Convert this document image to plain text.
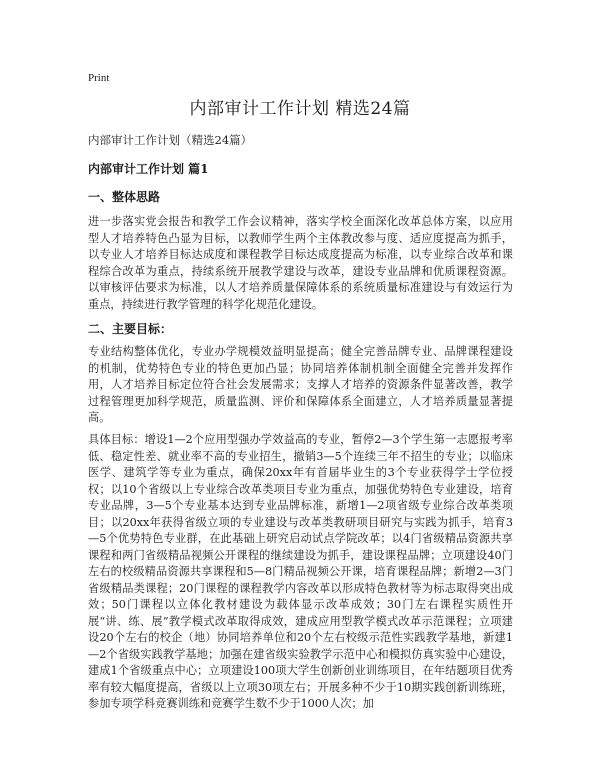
Print
内部审计工作计划 精选24篇
内部审计工作计划（精选24篇）
内部审计工作计划 篇1
一、整体思路

进一步落实党会报告和教学工作会议精神，落实学校全面深化改革总体方案，以应用型人才培养特色凸显为目标，以教师学生两个主体教改参与度、适应度提高为抓手，以专业人才培养目标达成度和课程教学目标达成度提高为标准，以专业综合改革和课程综合改革为重点，持续系统开展教学建设与改革，建设专业品牌和优质课程资源。以审核评估要求为标准，以人才培养质量保障体系的系统质量标准建设与有效运行为重点，持续进行教学管理的科学化规范化建设。

二、主要目标：

专业结构整体优化，专业办学规模效益明显提高；健全完善品牌专业、品牌课程建设的机制，优势特色专业的特色更加凸显；协同培养体制机制全面健全完善并发挥作用，人才培养目标定位符合社会发展需求；支撑人才培养的资源条件显著改善，教学过程管理更加科学规范，质量监测、评价和保障体系全面建立，人才培养质量显著提高。

具体目标：增设1—2个应用型强办学效益高的专业，暂停2—3个学生第一志愿报考率低、稳定性差、就业率不高的专业招生，撤销3—5个连续三年不招生的专业；以临床医学、建筑学等专业为重点，确保20xx年有首届毕业生的3个专业获得学士学位授权；以10个省级以上专业综合改革类项目专业为重点，加强优势特色专业建设，培育专业品牌，3—5个专业基本达到专业品牌标准，新增1—2项省级专业综合改革类项目；以20xx年获得省级立项的专业建设与改革类教研项目研究与实践为抓手，培育3—5个优势特色专业群，在此基础上研究启动试点学院改革；以4门省级精品资源共享课程和两门省级精品视频公开课程的继续建设为抓手，建设课程品牌；立项建设40门左右的校级精品资源共享课程和5—8门精品视频公开课，培育课程品牌；新增2—3门省级精品类课程；20门课程的课程教学内容改革以形成特色教材等为标志取得突出成效；50门课程以立体化教材建设为载体显示改革成效；30门左右课程实质性开展“讲、练、展”教学模式改革取得成效，建成应用型教学模式改革示范课程；立项建设20个左右的校企（地）协同培养单位和20个左右校级示范性实践教学基地，新建1—2个省级实践教学基地；加强在建省级实验教学示范中心和模拟仿真实验中心建设，建成1个省级重点中心；立项建设100项大学生创新创业训练项目，在年结题项目优秀率有较大幅度提高，省级以上立项30项左右；开展多种不少于10期实践创新训练班，参加专项学科竞赛训练和竞赛学生数不少于1000人次；加
